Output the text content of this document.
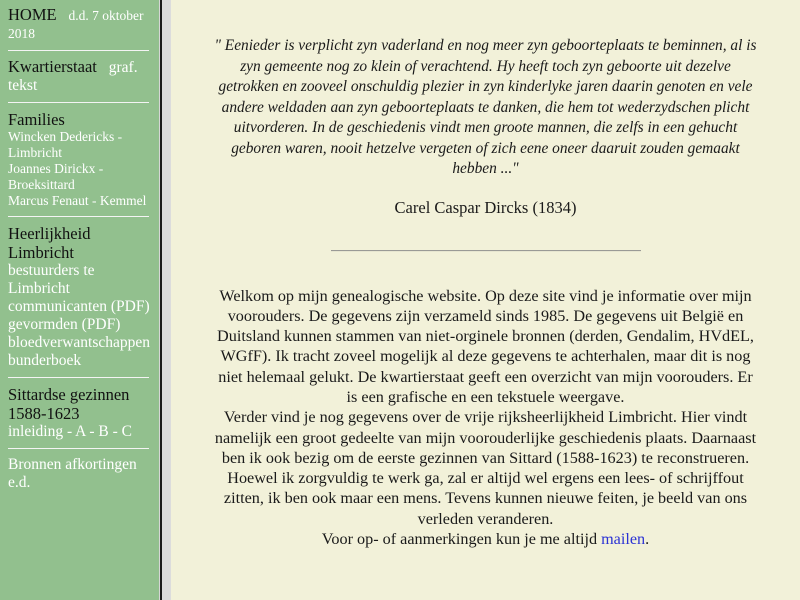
HOME d.d. 7 oktober 2018
Kwartierstaat graf. tekst
Families
Wincken Dedericks - Limbricht
Joannes Dirickx - Broeksittard
Marcus Fenaut - Kemmel
Heerlijkheid Limbricht
bestuurders te Limbricht
communicanten (PDF)
gevormden (PDF)
bloedverwantschappen
bunderboek
Sittardse gezinnen 1588-1623
inleiding - A - B - C
Bronnen afkortingen e.d.
" Eenieder is verplicht zyn vaderland en nog meer zyn geboorteplaats te beminnen, al is zyn gemeente nog zo klein of verachtend. Hy heeft toch zyn geboorte uit dezelve getrokken en zooveel onschuldig plezier in zyn kinderlyke jaren daarin genoten en vele andere weldaden aan zyn geboorteplaats te danken, die hem tot wederzydschen plicht uitvorderen. In de geschiedenis vindt men groote mannen, die zelfs in een gehucht geboren waren, nooit hetzelve vergeten of zich eene oneer daaruit zouden gemaakt hebben ..."
Carel Caspar Dircks (1834)

Welkom op mijn genealogische website. Op deze site vind je informatie over mijn voorouders. De gegevens zijn verzameld sinds 1985. De gegevens uit België en Duitsland kunnen stammen van niet-orginele bronnen (derden, Gendalim, HVdEL, WGfF). Ik tracht zoveel mogelijk al deze gegevens te achterhalen, maar dit is nog niet helemaal gelukt. De kwartierstaat geeft een overzicht van mijn voorouders. Er is een grafische en een tekstuele weergave.

Verder vind je nog gegevens over de vrije rijksheerlijkheid Limbricht. Hier vindt namelijk een groot gedeelte van mijn voorouderlijke geschiedenis plaats. Daarnaast ben ik ook bezig om de eerste gezinnen van Sittard (1588-1623) te reconstrueren. Hoewel ik zorgvuldig te werk ga, zal er altijd wel ergens een lees- of schrijffout zitten, ik ben ook maar een mens. Tevens kunnen nieuwe feiten, je beeld van ons verleden veranderen.

Voor op- of aanmerkingen kun je me altijd mailen.
